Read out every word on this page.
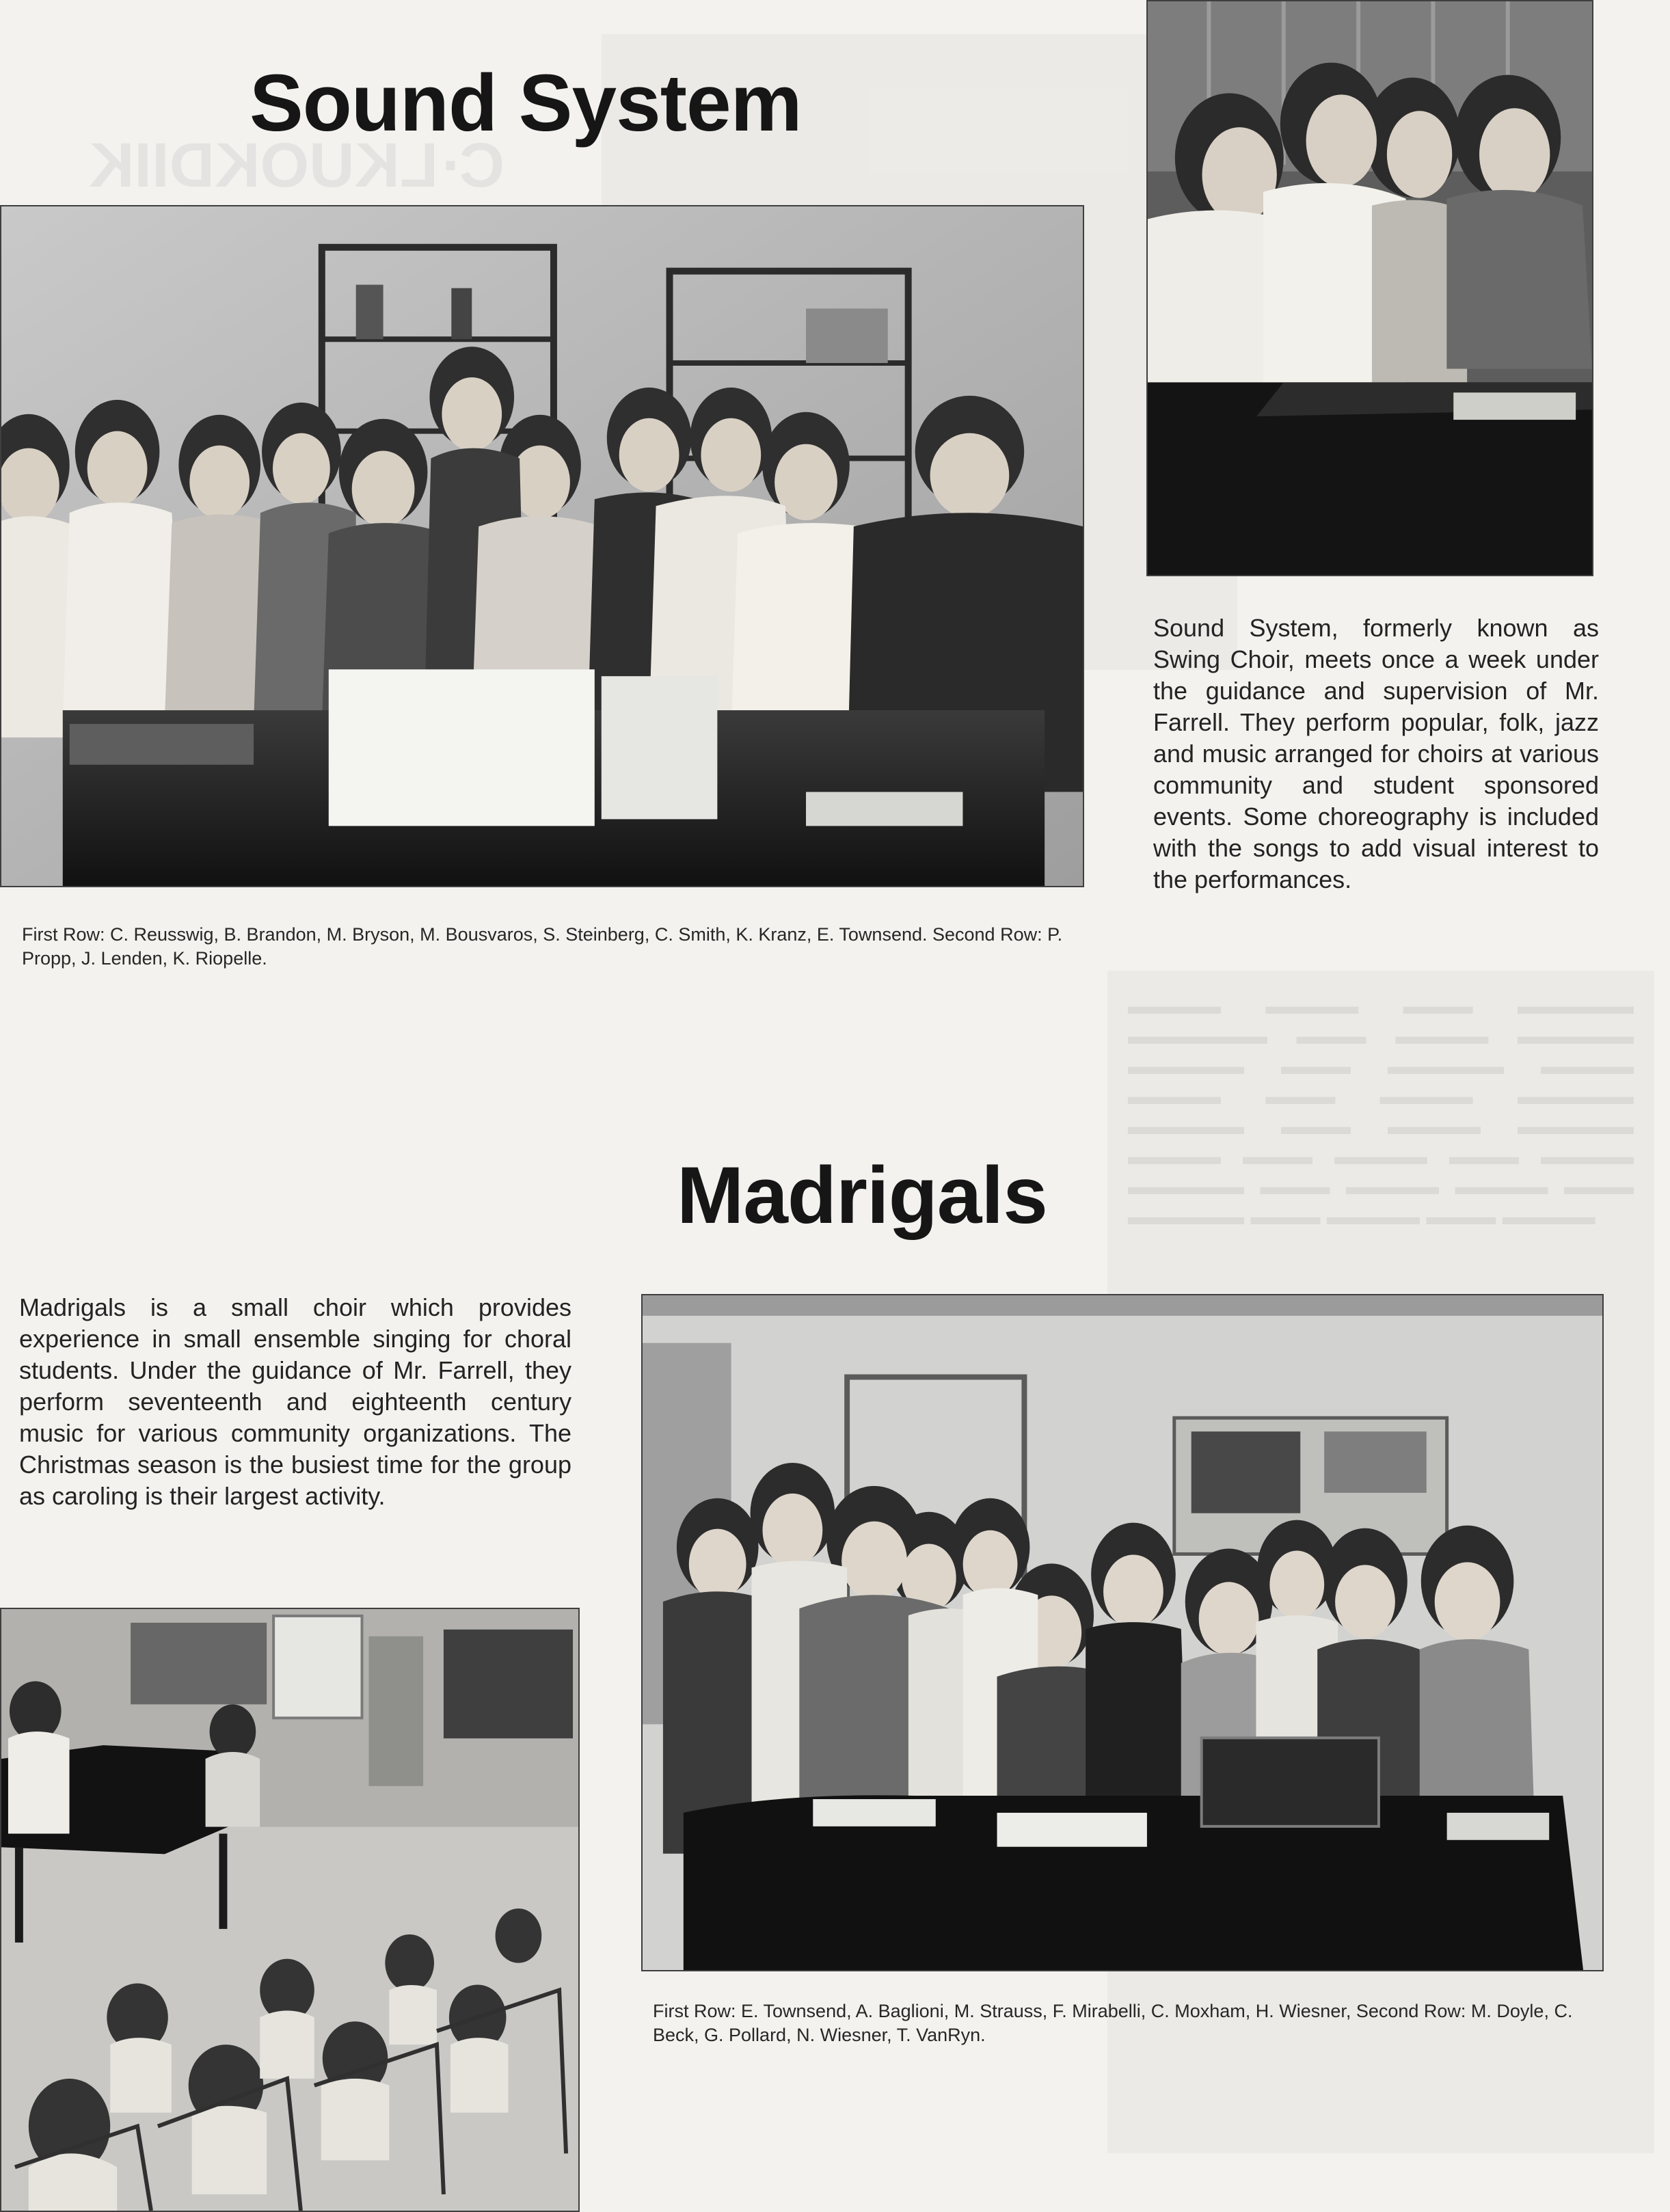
C·LKUOKDIIK
▬▬▬▬ ▬▬▬▬ ▬▬▬ ▬▬▬▬▬ ▬▬▬▬▬▬ ▬▬▬ ▬▬▬▬ ▬▬▬▬▬ ▬▬▬▬▬ ▬▬▬ ▬▬▬▬▬ ▬▬▬▬ ▬▬▬▬ ▬▬▬ ▬▬▬▬ ▬▬▬▬▬ ▬▬▬▬▬ ▬▬▬ ▬▬▬▬ ▬▬▬▬▬ ▬▬▬▬ ▬▬▬ ▬▬▬▬ ▬▬▬ ▬▬▬▬ ▬▬▬▬▬ ▬▬▬ ▬▬▬▬ ▬▬▬▬ ▬▬▬ ▬▬▬▬▬ ▬▬▬ ▬▬▬▬ ▬▬▬ ▬▬▬▬
Sound System

Sound System, formerly known as Swing Choir, meets once a week under the guidance and supervision of Mr. Farrell. They perform popular, folk, jazz and music arranged for choirs at various community and student sponsored events. Some choreography is included with the songs to add visual interest to the performances.

First Row: C. Reusswig, B. Brandon, M. Bryson, M. Bousvaros, S. Steinberg, C. Smith, K. Kranz, E. Townsend. Second Row: P. Propp, J. Lenden, K. Riopelle.

Madrigals

Madrigals is a small choir which provides experience in small ensemble singing for choral students. Under the guidance of Mr. Farrell, they perform seventeenth and eighteenth century music for various community organizations. The Christmas season is the busiest time for the group as caroling is their largest activity.

First Row: E. Townsend, A. Baglioni, M. Strauss, F. Mirabelli, C. Moxham, H. Wiesner, Second Row: M. Doyle, C. Beck, G. Pollard, N. Wiesner, T. VanRyn.
